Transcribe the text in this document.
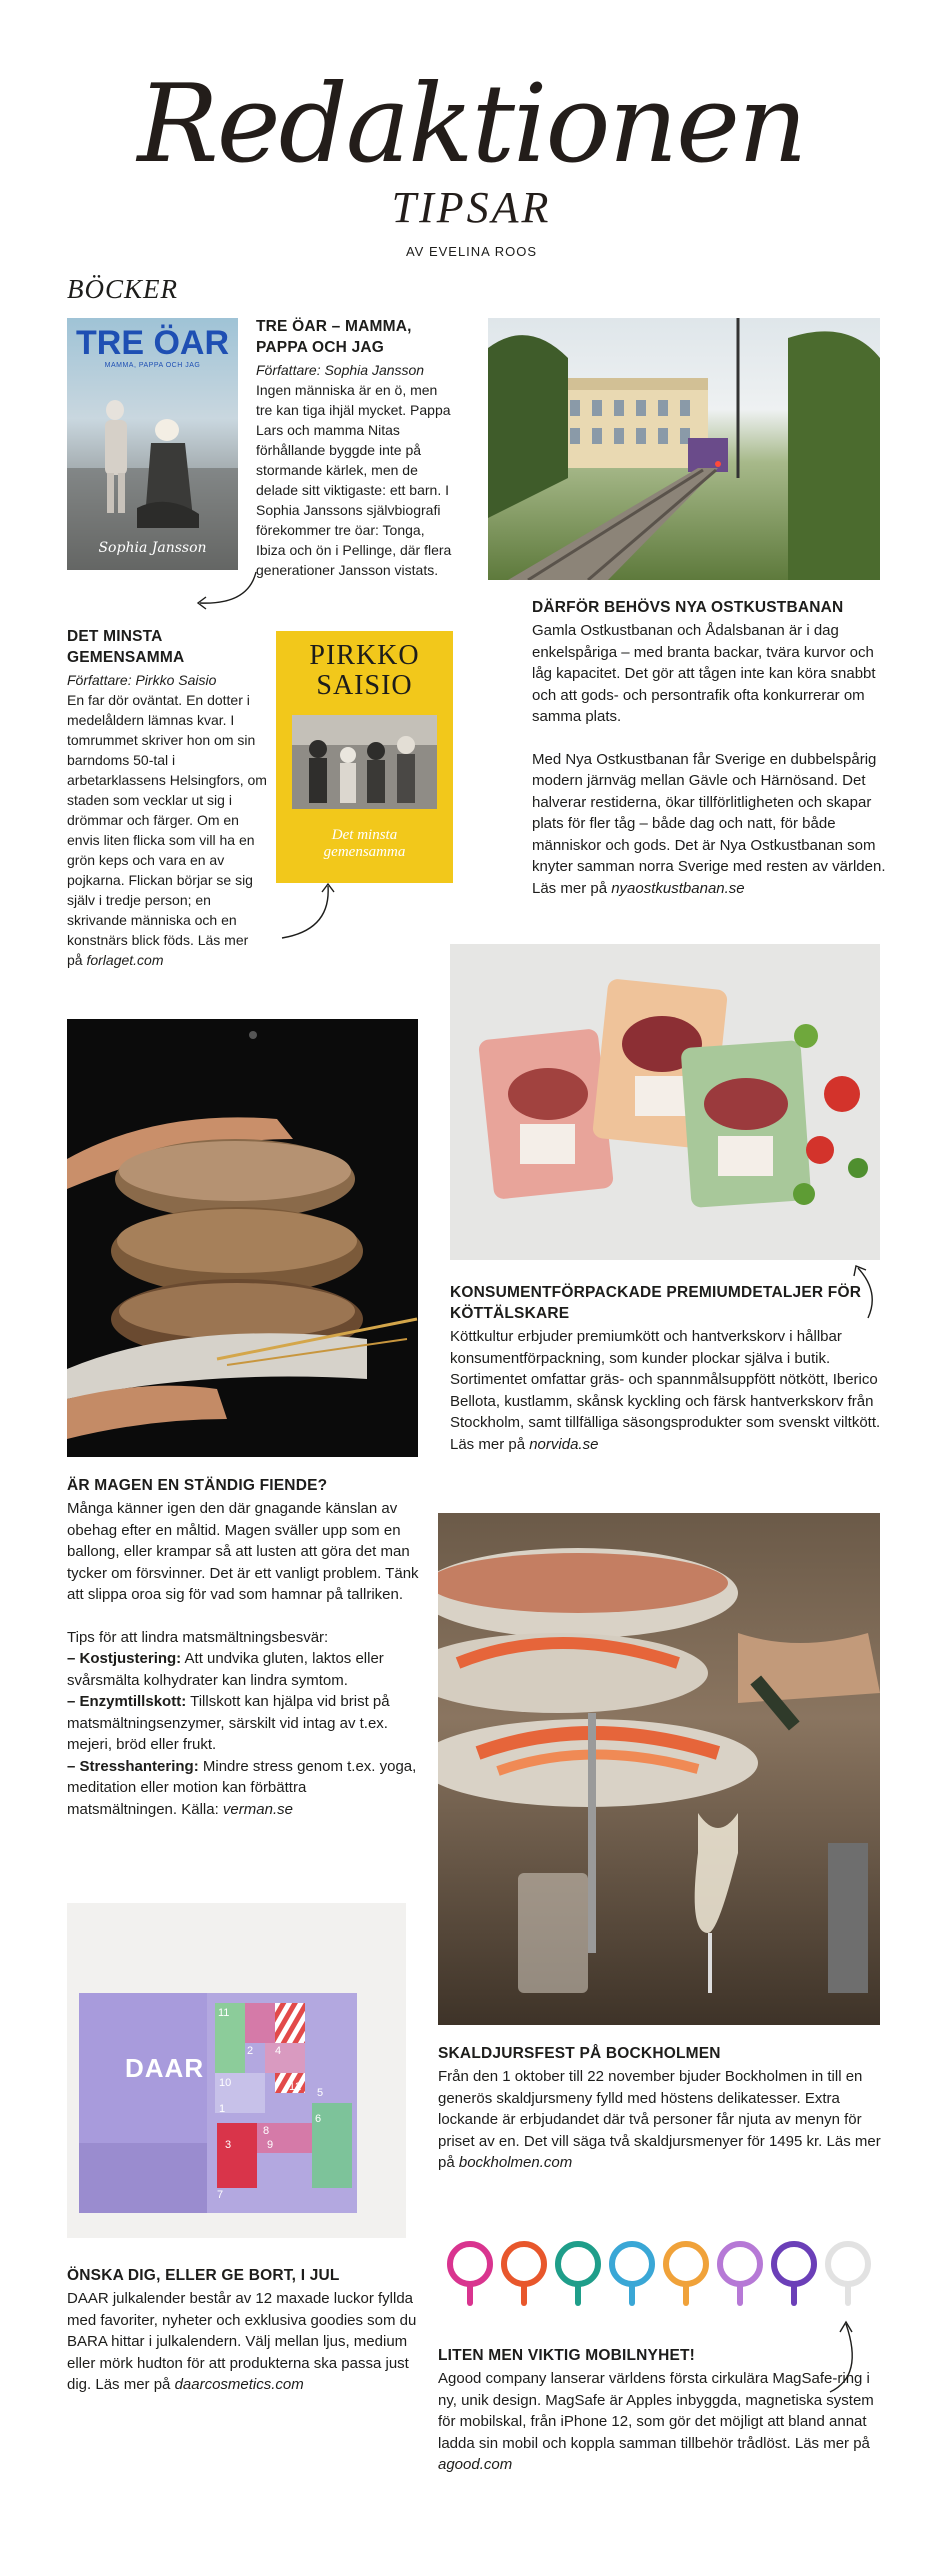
Redaktionen
TIPSAR
AV EVELINA ROOS
BÖCKER
TRE ÖAR
MAMMA, PAPPA OCH JAG
Sophia Jansson
TRE ÖAR – MAMMA, PAPPA OCH JAG
Författare: Sophia Jansson
Ingen människa är en ö, men tre kan tiga ihjäl mycket. Pappa Lars och mamma Nitas förhållande byggde inte på stormande kärlek, men de delade sitt viktigaste: ett barn. I Sophia Janssons självbiografi förekommer tre öar: Tonga, Ibiza och ön i Pellinge, där flera generationer Jansson vistats.
DET MINSTA GEMENSAMMA
Författare: Pirkko Saisio
En far dör oväntat. En dotter i medelåldern lämnas kvar. I tomrummet skriver hon om sin barndoms 50-tal i arbetarklassens Helsingfors, om staden som vecklar ut sig i drömmar och färger. Om en envis liten flicka som vill ha en grön keps och vara en av pojkarna. Flickan börjar se sig själv i tredje person; en skrivande människa och en konstnärs blick föds. Läs mer på forlaget.com
PIRKKO SAISIO
Det minsta gemensamma
DÄRFÖR BEHÖVS NYA OSTKUSTBANAN
Gamla Ostkustbanan och Ådalsbanan är i dag enkelspåriga – med branta backar, tvära kurvor och låg kapacitet. Det gör att tågen inte kan köra snabbt och att gods- och persontrafik ofta konkurrerar om samma plats.
Med Nya Ostkustbanan får Sverige en dubbelspårig modern järnväg mellan Gävle och Härnösand. Det halverar restiderna, ökar tillförlitligheten och skapar plats för fler tåg – både dag och natt, för både människor och gods. Det är Nya Ostkustbanan som knyter samman norra Sverige med resten av världen. Läs mer på nyaostkustbanan.se
KONSUMENTFÖRPACKADE PREMIUMDETALJER FÖR KÖTTÄLSKARE
Köttkultur erbjuder premiumkött och hantverkskorv i hållbar konsumentförpackning, som kunder plockar själva i butik. Sortimentet omfattar gräs- och spannmålsuppfött nötkött, Iberico Bellota, kustlamm, skånsk kyckling och färsk hantverkskorv från Stockholm, samt tillfälliga säsongsprodukter som svenskt viltkött. Läs mer på norvida.se
ÄR MAGEN EN STÄNDIG FIENDE?
Många känner igen den där gnagande känslan av obehag efter en måltid. Magen sväller upp som en ballong, eller krampar så att lusten att göra det man tycker om försvinner. Det är ett vanligt problem. Tänk att slippa oroa sig för vad som hamnar på tallriken.
Tips för att lindra matsmältningsbesvär:
– Kostjustering: Att undvika gluten, laktos eller svårsmälta kolhydrater kan lindra symtom.
– Enzymtillskott: Tillskott kan hjälpa vid brist på matsmältningsenzymer, särskilt vid intag av t.ex. mejeri, bröd eller frukt.
– Stresshantering: Mindre stress genom t.ex. yoga, meditation eller motion kan förbättra matsmältningen. Källa: verman.se
SKALDJURSFEST PÅ BOCKHOLMEN
Från den 1 oktober till 22 november bjuder Bockholmen in till en generös skaldjursmeny fylld med höstens delikatesser. Extra lockande är erbjudandet där två personer får njuta av menyn för priset av en. Det vill säga två skaldjursmenyer för 1495 kr. Läs mer på bockholmen.com
DAAR
11
2 4
10	12 5
1
8
3	9
6
7
ÖNSKA DIG, ELLER GE BORT, I JUL
DAAR julkalender består av 12 maxade luckor fyllda med favoriter, nyheter och exklusiva goodies som du BARA hittar i julkalendern. Välj mellan ljus, medium eller mörk hudton för att produkterna ska passa just dig. Läs mer på daarcosmetics.com
LITEN MEN VIKTIG MOBILNYHET!
Agood company lanserar världens första cirkulära MagSafe-ring i ny, unik design. MagSafe är Apples inbyggda, magnetiska system för mobilskal, från iPhone 12, som gör det möjligt att bland annat ladda sin mobil och koppla samman tillbehör trådlöst. Läs mer på agood.com
